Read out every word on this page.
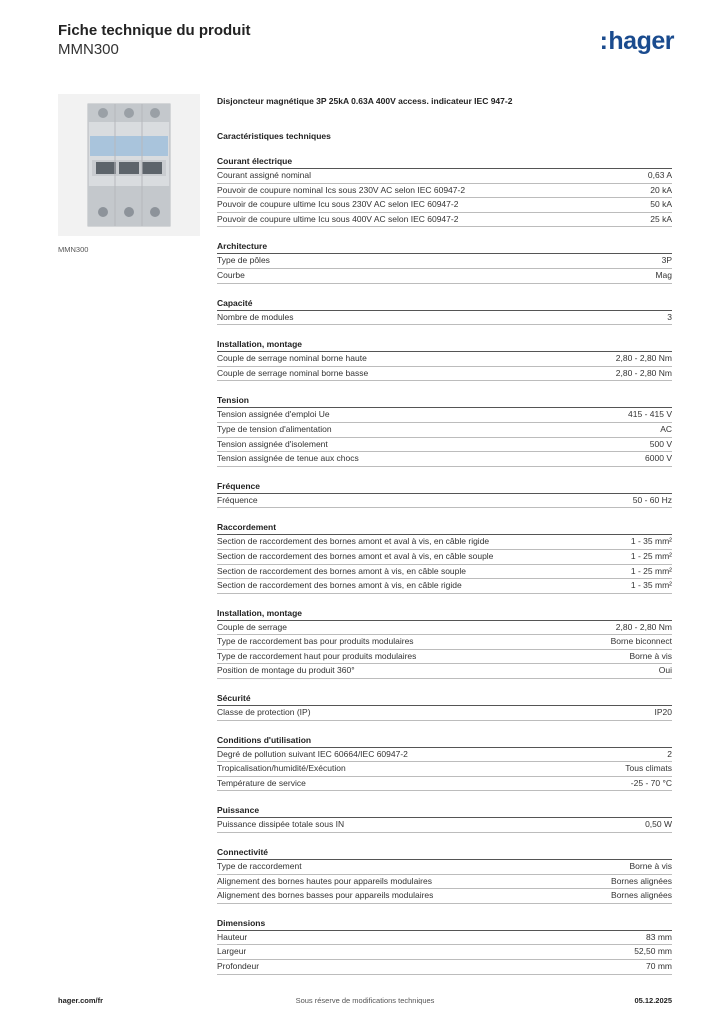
Fiche technique du produit
MMN300	:hager
MMN300
Disjoncteur magnétique 3P 25kA 0.63A 400V access. indicateur IEC 947-2
Caractéristiques techniques
Courant électrique
Courant assigné nominal	0,63 A
Pouvoir de coupure nominal Ics sous 230V AC selon IEC 60947-2	20 kA
Pouvoir de coupure ultime Icu sous 230V AC selon IEC 60947-2	50 kA
Pouvoir de coupure ultime Icu sous 400V AC selon IEC 60947-2	25 kA
Architecture
Type de pôles	3P
Courbe	Mag
Capacité
Nombre de modules	3
Installation, montage
Couple de serrage nominal borne haute	2,80 - 2,80 Nm
Couple de serrage nominal borne basse	2,80 - 2,80 Nm
Tension
Tension assignée d'emploi Ue	415 - 415 V
Type de tension d'alimentation	AC
Tension assignée d'isolement	500 V
Tension assignée de tenue aux chocs	6000 V
Fréquence
Fréquence	50 - 60 Hz
Raccordement
Section de raccordement des bornes amont et aval à vis, en câble rigide	1 - 35 mm²
Section de raccordement des bornes amont et aval à vis, en câble souple	1 - 25 mm²
Section de raccordement des bornes amont à vis, en câble souple	1 - 25 mm²
Section de raccordement des bornes amont à vis, en câble rigide	1 - 35 mm²
Installation, montage
Couple de serrage	2,80 - 2,80 Nm
Type de raccordement bas pour produits modulaires	Borne biconnect
Type de raccordement haut pour produits modulaires	Borne à vis
Position de montage du produit 360°	Oui
Sécurité
Classe de protection (IP)	IP20
Conditions d'utilisation
Degré de pollution suivant IEC 60664/IEC 60947-2	2
Tropicalisation/humidité/Exécution	Tous climats
Température de service	-25 - 70 °C
Puissance
Puissance dissipée totale sous IN	0,50 W
Connectivité
Type de raccordement	Borne à vis
Alignement des bornes hautes pour appareils modulaires	Bornes alignées
Alignement des bornes basses pour appareils modulaires	Bornes alignées
Dimensions
Hauteur	83 mm
Largeur	52,50 mm
Profondeur	70 mm
Sous réserve de modifications techniques
hager.com/fr	05.12.2025
